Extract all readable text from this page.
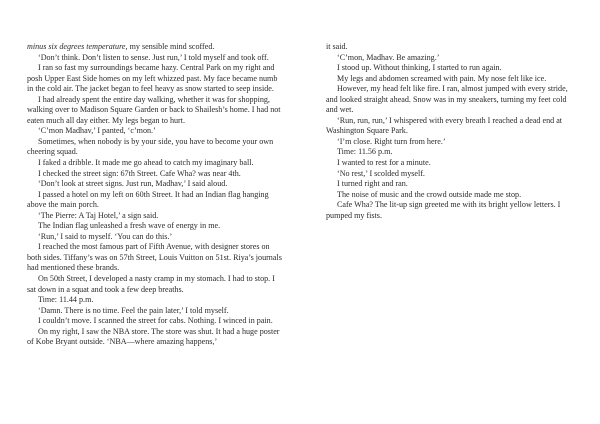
minus six degrees temperature, my sensible mind scoffed.

‘Don’t think. Don’t listen to sense. Just run,’ I told myself and took off.

I ran so fast my surroundings became hazy. Central Park on my right and posh Upper East Side homes on my left whizzed past. My face became numb in the cold air. The jacket began to feel heavy as snow started to seep inside.

I had already spent the entire day walking, whether it was for shopping, walking over to Madison Square Garden or back to Shailesh’s home. I had not eaten much all day either. My legs began to hurt.

‘C’mon Madhav,’ I panted, ‘c’mon.’

Sometimes, when nobody is by your side, you have to become your own cheering squad.

I faked a dribble. It made me go ahead to catch my imaginary ball.

I checked the street sign: 67th Street. Cafe Wha? was near 4th.

‘Don’t look at street signs. Just run, Madhav,’ I said aloud.

I passed a hotel on my left on 60th Street. It had an Indian flag hanging above the main porch.

‘The Pierre: A Taj Hotel,’ a sign said.

The Indian flag unleashed a fresh wave of energy in me.

‘Run,’ I said to myself. ‘You can do this.’

I reached the most famous part of Fifth Avenue, with designer stores on both sides. Tiffany’s was on 57th Street, Louis Vuitton on 51st. Riya’s journals had mentioned these brands.

On 50th Street, I developed a nasty cramp in my stomach. I had to stop. I sat down in a squat and took a few deep breaths.

Time: 11.44 p.m.

‘Damn. There is no time. Feel the pain later,’ I told myself.

I couldn’t move. I scanned the street for cabs. Nothing. I winced in pain.

On my right, I saw the NBA store. The store was shut. It had a huge poster of Kobe Bryant outside. ‘NBA—where amazing happens,’

it said.

‘C’mon, Madhav. Be amazing.’

I stood up. Without thinking, I started to run again.

My legs and abdomen screamed with pain. My nose felt like ice.

However, my head felt like fire. I ran, almost jumped with every stride, and looked straight ahead. Snow was in my sneakers, turning my feet cold and wet.

‘Run, run, run,’ I whispered with every breath I reached a dead end at Washington Square Park.

‘I’m close. Right turn from here.’

Time: 11.56 p.m.

I wanted to rest for a minute.

‘No rest,’ I scolded myself.

I turned right and ran.

The noise of music and the crowd outside made me stop.

Cafe Wha? The lit-up sign greeted me with its bright yellow letters. I pumped my fists.
